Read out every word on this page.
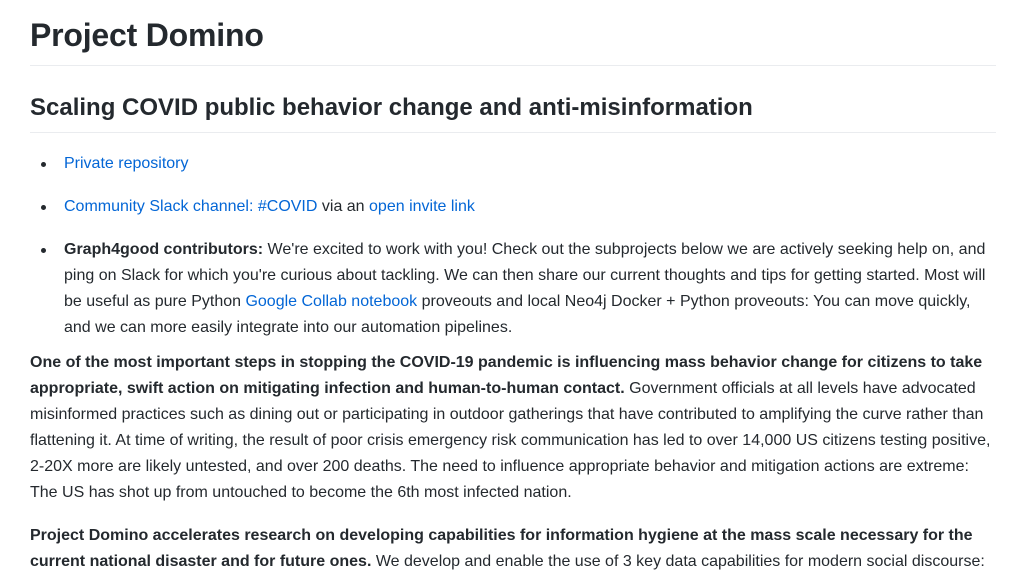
Project Domino
Scaling COVID public behavior change and anti-misinformation
Private repository
Community Slack channel: #COVID via an open invite link
Graph4good contributors: We're excited to work with you! Check out the subprojects below we are actively seeking help on, and ping on Slack for which you're curious about tackling. We can then share our current thoughts and tips for getting started. Most will be useful as pure Python Google Collab notebook proveouts and local Neo4j Docker + Python proveouts: You can move quickly, and we can more easily integrate into our automation pipelines.

One of the most important steps in stopping the COVID-19 pandemic is influencing mass behavior change for citizens to take appropriate, swift action on mitigating infection and human-to-human contact. Government officials at all levels have advocated misinformed practices such as dining out or participating in outdoor gatherings that have contributed to amplifying the curve rather than flattening it. At time of writing, the result of poor crisis emergency risk communication has led to over 14,000 US citizens testing positive, 2-20X more are likely untested, and over 200 deaths. The need to influence appropriate behavior and mitigation actions are extreme: The US has shot up from untouched to become the 6th most infected nation.

Project Domino accelerates research on developing capabilities for information hygiene at the mass scale necessary for the current national disaster and for future ones. We develop and enable the use of 3 key data capabilities for modern social discourse:
